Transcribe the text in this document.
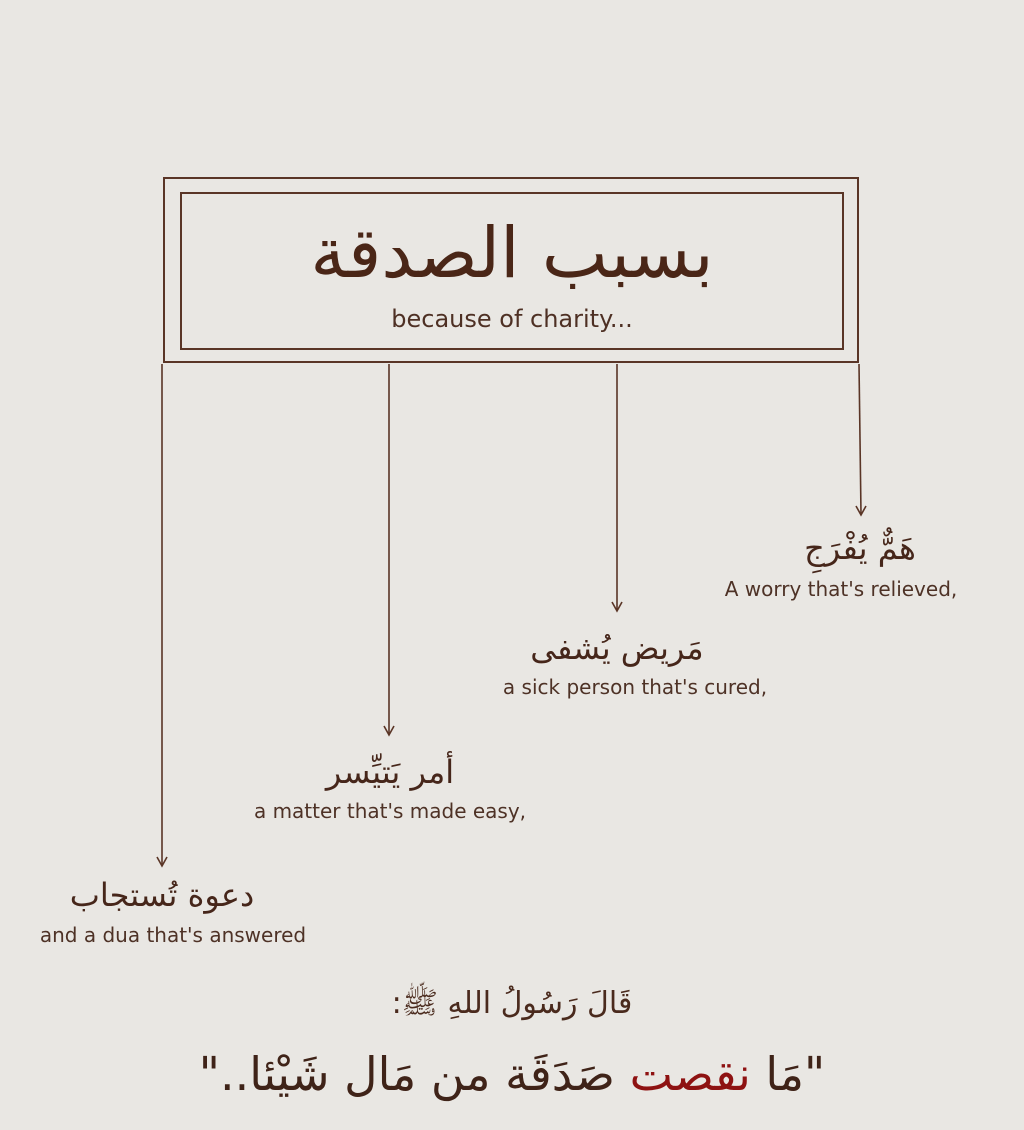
بسبب الصدقة
because of charity...
هَمٌّ يُفْرَجِ
A worry that's relieved,
مَريض يُشفى
a sick person that's cured,
أمر يَتيِّسر
a matter that's made easy,
دعوة تُستجاب
and a dua that's answered
قَالَ رَسُولُ اللهِ ﷺ:
"مَا نقصت صَدَقَة من مَال شَيْئا.."
